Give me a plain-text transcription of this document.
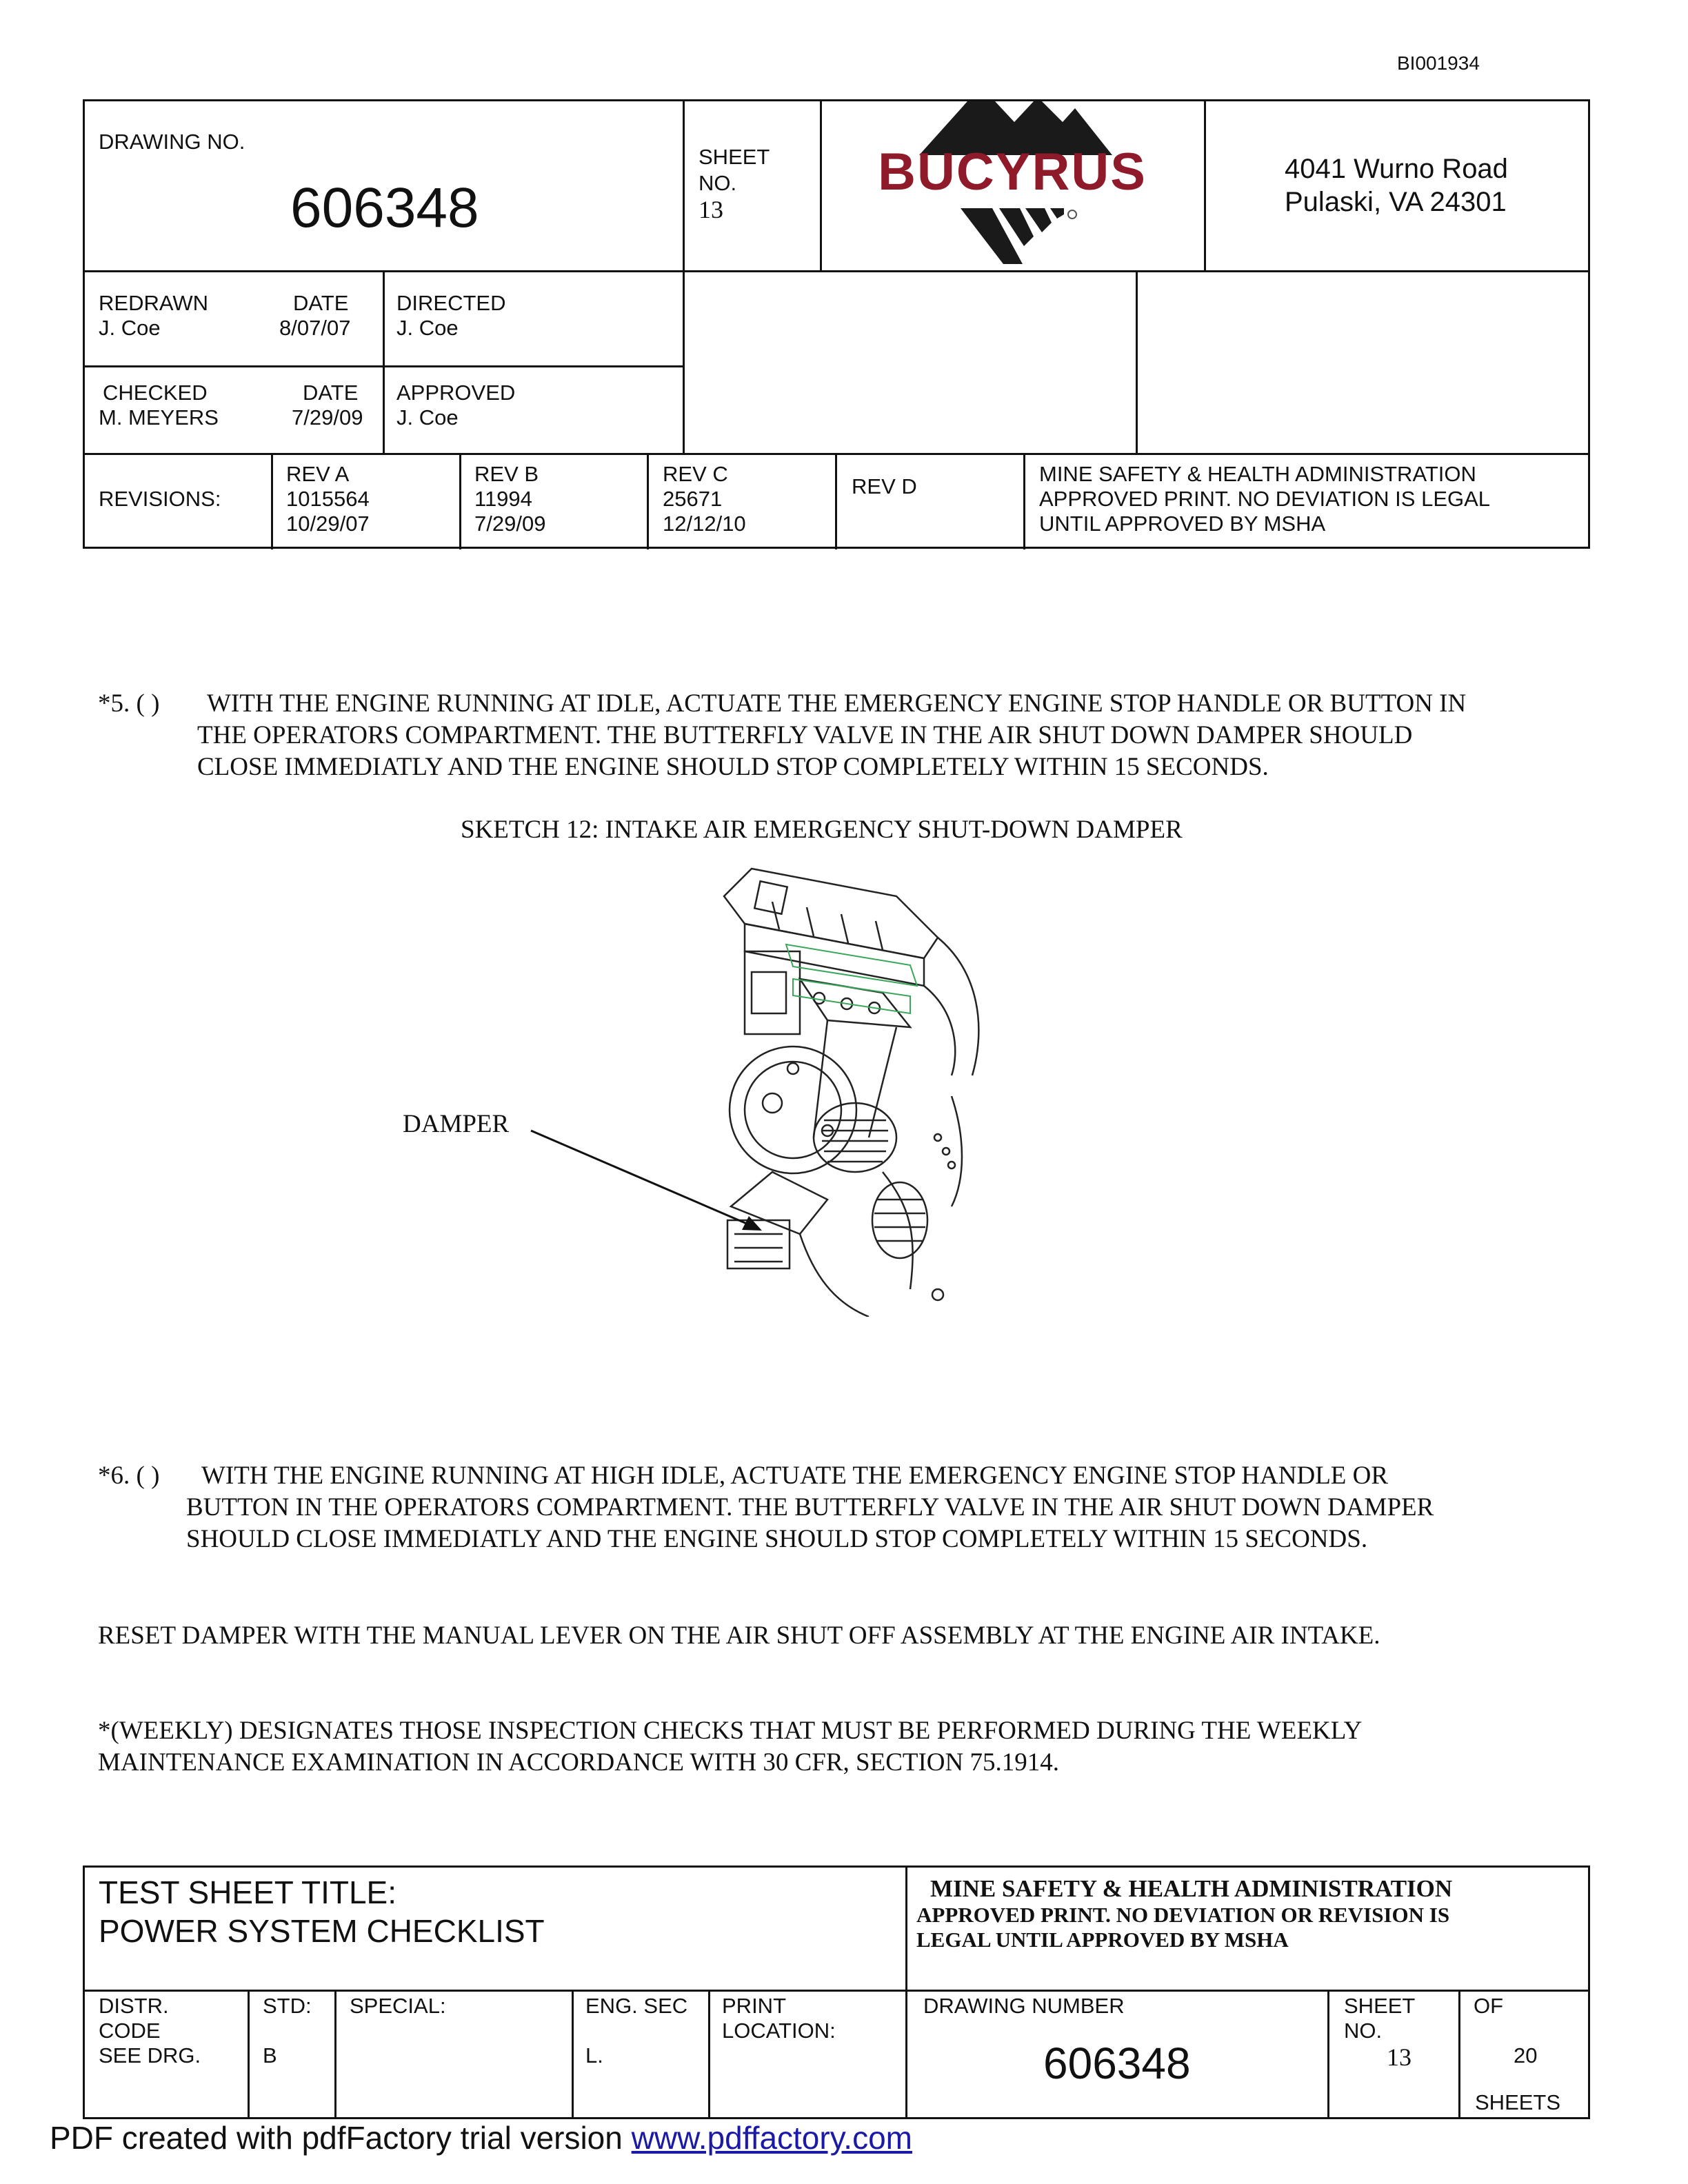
BI001934
DRAWING NO.
606348
SHEET
NO.
13
BUCYRUS	4041 Wurno Road
Pulaski, VA 24301
REDRAWN
J. Coe
DATE
8/07/07
DIRECTED
J. Coe
CHECKED
M. MEYERS
DATE
7/29/09
APPROVED
J. Coe
REVISIONS:
REV A
1015564
10/29/07
REV B
11994
7/29/09
REV C
25671
12/12/10
REV D
MINE SAFETY & HEALTH ADMINISTRATION
APPROVED PRINT. NO DEVIATION IS LEGAL
UNTIL APPROVED BY MSHA
*5. ( ) WITH THE ENGINE RUNNING AT IDLE, ACTUATE THE EMERGENCY ENGINE STOP HANDLE OR BUTTON IN
THE OPERATORS COMPARTMENT. THE BUTTERFLY VALVE IN THE AIR SHUT DOWN DAMPER SHOULD
CLOSE IMMEDIATLY AND THE ENGINE SHOULD STOP COMPLETELY WITHIN 15 SECONDS.
SKETCH 12: INTAKE AIR EMERGENCY SHUT-DOWN DAMPER
DAMPER
*6. ( ) WITH THE ENGINE RUNNING AT HIGH IDLE, ACTUATE THE EMERGENCY ENGINE STOP HANDLE OR
BUTTON IN THE OPERATORS COMPARTMENT. THE BUTTERFLY VALVE IN THE AIR SHUT DOWN DAMPER
SHOULD CLOSE IMMEDIATLY AND THE ENGINE SHOULD STOP COMPLETELY WITHIN 15 SECONDS.
RESET DAMPER WITH THE MANUAL LEVER ON THE AIR SHUT OFF ASSEMBLY AT THE ENGINE AIR INTAKE.
*(WEEKLY) DESIGNATES THOSE INSPECTION CHECKS THAT MUST BE PERFORMED DURING THE WEEKLY
MAINTENANCE EXAMINATION IN ACCORDANCE WITH 30 CFR, SECTION 75.1914.
TEST SHEET TITLE:
POWER SYSTEM CHECKLIST
MINE SAFETY & HEALTH ADMINISTRATION
APPROVED PRINT. NO DEVIATION OR REVISION IS
LEGAL UNTIL APPROVED BY MSHA
DISTR.
CODE
SEE DRG.
STD:
B
SPECIAL:	ENG. SEC
L.
PRINT
LOCATION:
DRAWING NUMBER
606348
SHEET
NO.
13
OF
20
SHEETS
PDF created with pdfFactory trial version www.pdffactory.com
